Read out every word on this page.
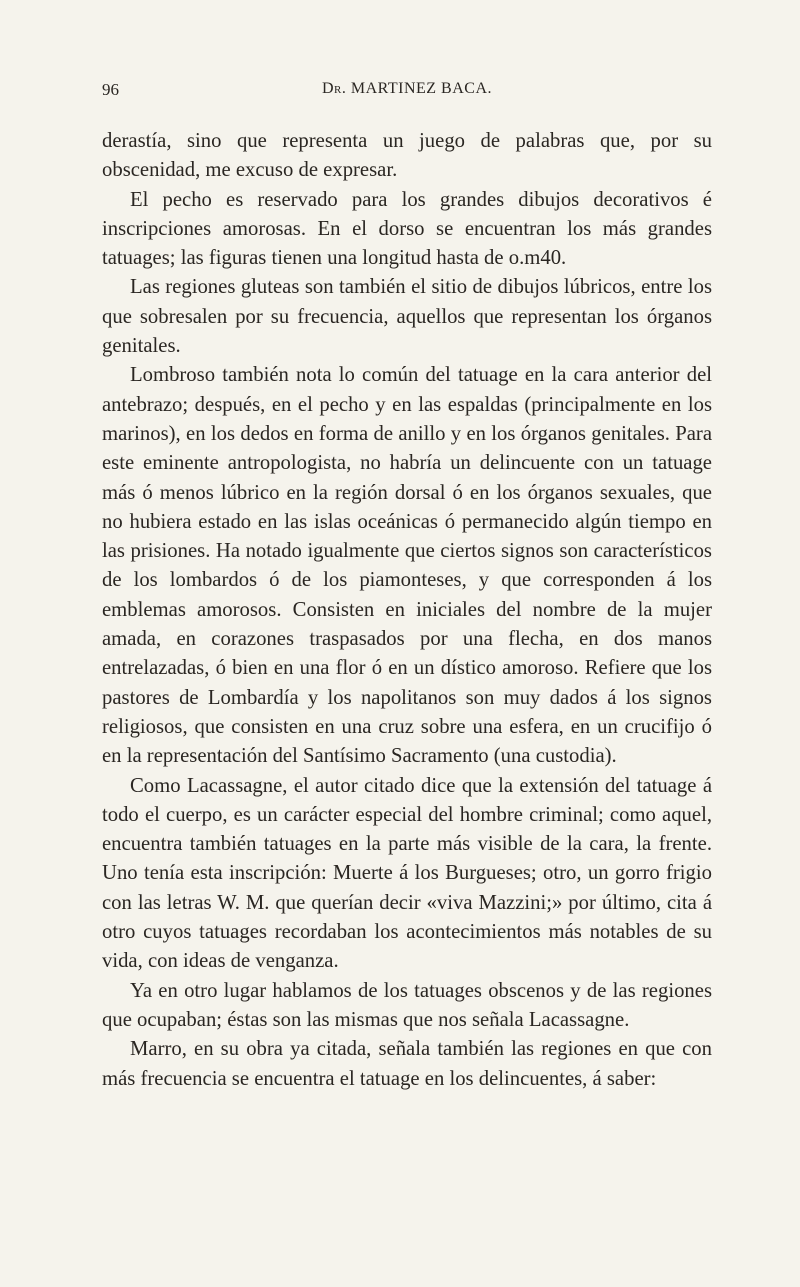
96	Dr. MARTINEZ BACA.

derastía, sino que representa un juego de palabras que, por su obscenidad, me excuso de expresar.

El pecho es reservado para los grandes dibujos decorativos é inscripciones amorosas. En el dorso se encuentran los más grandes tatuages; las figuras tienen una longitud hasta de o.m40.

Las regiones gluteas son también el sitio de dibujos lúbricos, entre los que sobresalen por su frecuencia, aquellos que representan los órganos genitales.

Lombroso también nota lo común del tatuage en la cara anterior del antebrazo; después, en el pecho y en las espaldas (principalmente en los marinos), en los dedos en forma de anillo y en los órganos genitales. Para este eminente antropologista, no habría un delincuente con un tatuage más ó menos lúbrico en la región dorsal ó en los órganos sexuales, que no hubiera estado en las islas oceánicas ó permanecido algún tiempo en las prisiones. Ha notado igualmente que ciertos signos son característicos de los lombardos ó de los piamonteses, y que corresponden á los emblemas amorosos. Consisten en iniciales del nombre de la mujer amada, en corazones traspasados por una flecha, en dos manos entrelazadas, ó bien en una flor ó en un dístico amoroso. Refiere que los pastores de Lombardía y los napolitanos son muy dados á los signos religiosos, que consisten en una cruz sobre una esfera, en un crucifijo ó en la representación del Santísimo Sacramento (una custodia).

Como Lacassagne, el autor citado dice que la extensión del tatuage á todo el cuerpo, es un carácter especial del hombre criminal; como aquel, encuentra también tatuages en la parte más visible de la cara, la frente. Uno tenía esta inscripción: Muerte á los Burgueses; otro, un gorro frigio con las letras W. M. que querían decir «viva Mazzini;» por último, cita á otro cuyos tatuages recordaban los acontecimientos más notables de su vida, con ideas de venganza.

Ya en otro lugar hablamos de los tatuages obscenos y de las regiones que ocupaban; éstas son las mismas que nos señala Lacassagne.

Marro, en su obra ya citada, señala también las regiones en que con más frecuencia se encuentra el tatuage en los delincuentes, á saber:
